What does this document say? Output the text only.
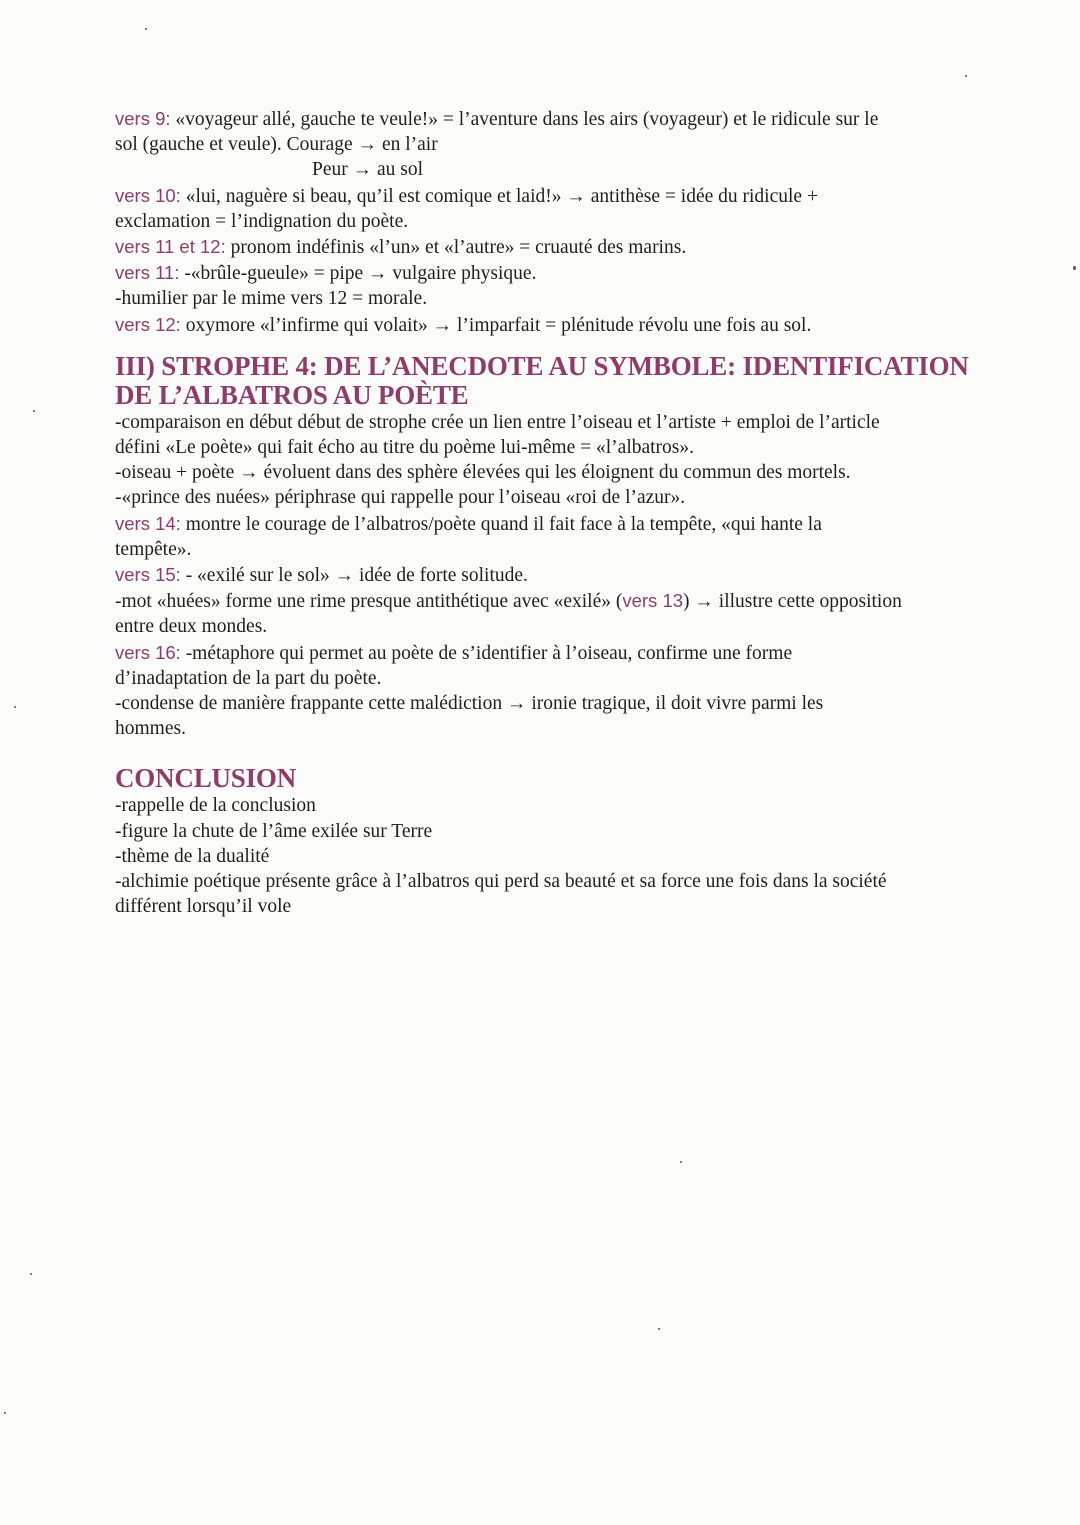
vers 9: «voyageur allé, gauche te veule!» = l’aventure dans les airs (voyageur) et le ridicule sur le
sol (gauche et veule). Courage → en l’air
Peur → au sol
vers 10: «lui, naguère si beau, qu’il est comique et laid!» → antithèse = idée du ridicule +
exclamation = l’indignation du poète.
vers 11 et 12: pronom indéfinis «l’un» et «l’autre» = cruauté des marins.
vers 11: -«brûle-gueule» = pipe → vulgaire physique.
-humilier par le mime vers 12 = morale.
vers 12: oxymore «l’infirme qui volait» → l’imparfait = plénitude révolu une fois au sol.
III) STROPHE 4: DE L’ANECDOTE AU SYMBOLE: IDENTIFICATION
DE L’ALBATROS AU POÈTE
-comparaison en début début de strophe crée un lien entre l’oiseau et l’artiste + emploi de l’article
défini «Le poète» qui fait écho au titre du poème lui-même = «l’albatros».
-oiseau + poète → évoluent dans des sphère élevées qui les éloignent du commun des mortels.
-«prince des nuées» périphrase qui rappelle pour l’oiseau «roi de l’azur».
vers 14: montre le courage de l’albatros/poète quand il fait face à la tempête, «qui hante la
tempête».
vers 15: - «exilé sur le sol» → idée de forte solitude.
-mot «huées» forme une rime presque antithétique avec «exilé» (vers 13) → illustre cette opposition
entre deux mondes.
vers 16: -métaphore qui permet au poète de s’identifier à l’oiseau, confirme une forme
d’inadaptation de la part du poète.
-condense de manière frappante cette malédiction → ironie tragique, il doit vivre parmi les
hommes.
CONCLUSION
-rappelle de la conclusion
-figure la chute de l’âme exilée sur Terre
-thème de la dualité
-alchimie poétique présente grâce à l’albatros qui perd sa beauté et sa force une fois dans la société
différent lorsqu’il vole
